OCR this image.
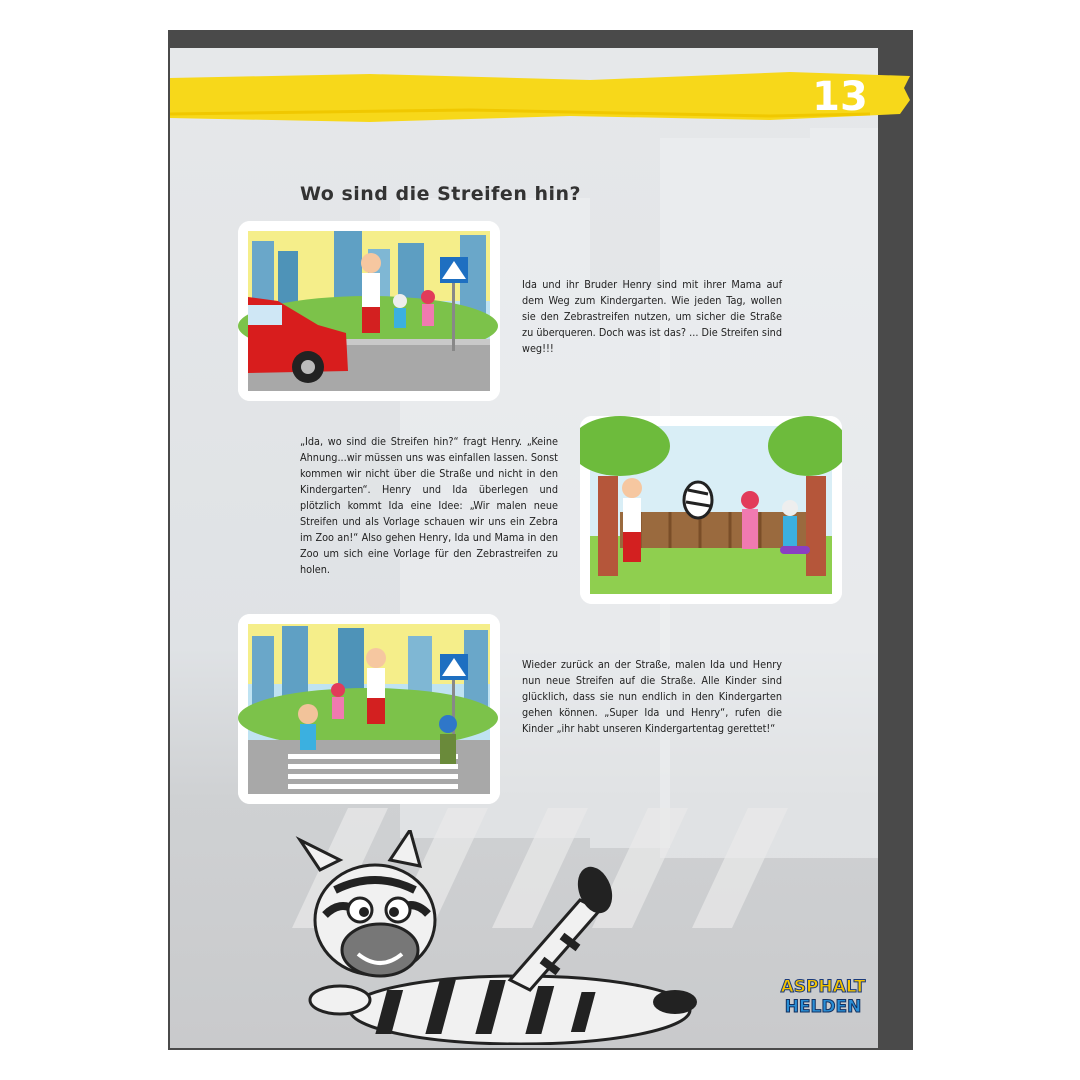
13
Wo sind die Streifen hin?
Ida und ihr Bruder Henry sind mit ihrer Mama auf dem Weg zum Kindergarten. Wie jeden Tag, wollen sie den Zebrastreifen nutzen, um sicher die Straße zu überqueren. Doch was ist das? ... Die Streifen sind weg!!!
„Ida, wo sind die Streifen hin?“ fragt Henry. „Keine Ahnung...wir müssen uns was einfallen lassen. Sonst kommen wir nicht über die Straße und nicht in den Kindergarten“. Henry und Ida überlegen und plötzlich kommt Ida eine Idee: „Wir malen neue Streifen und als Vorlage schauen wir uns ein Zebra im Zoo an!“ Also gehen Henry, Ida und Mama in den Zoo um sich eine Vorlage für den Zebrastreifen zu holen.
Wieder zurück an der Straße, malen Ida und Henry nun neue Streifen auf die Straße. Alle Kinder sind glücklich, dass sie nun endlich in den Kindergarten gehen können. „Super Ida und Henry“, rufen die Kinder „ihr habt unseren Kindergartentag gerettet!“
ASPHALT
HELDEN
